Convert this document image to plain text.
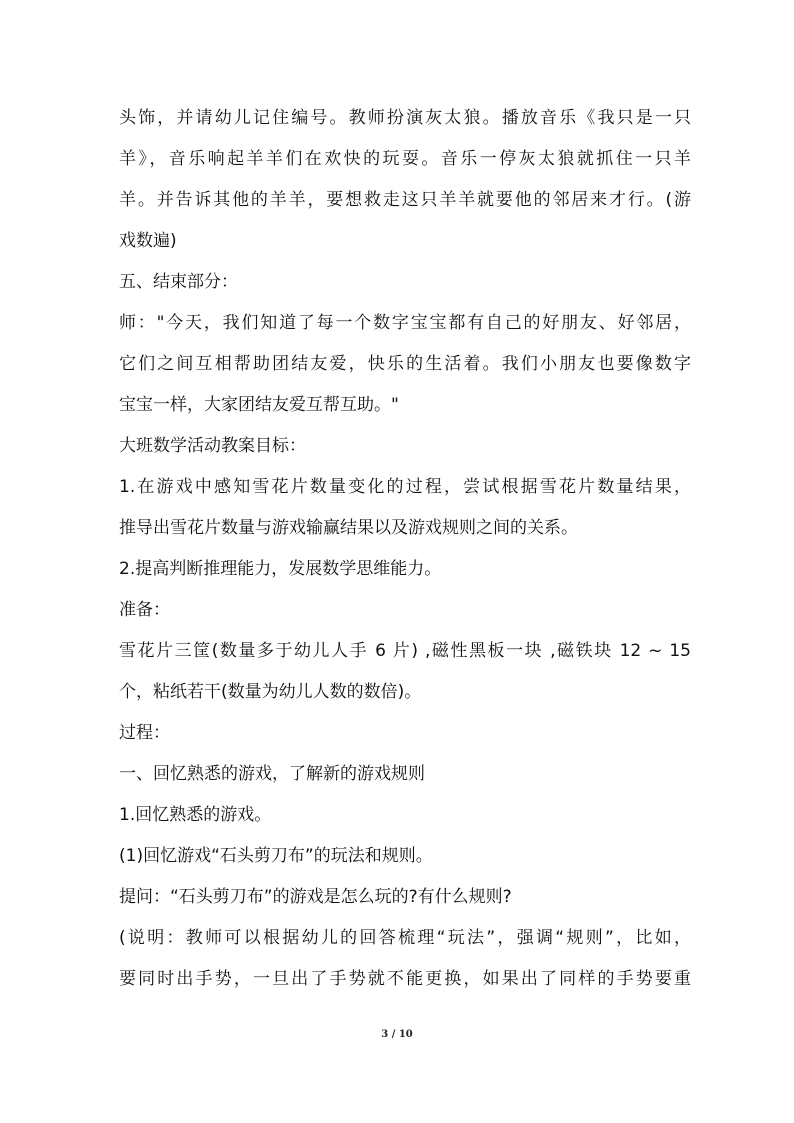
头饰，并请幼儿记住编号。教师扮演灰太狼。播放音乐《我只是一只
羊》，音乐响起羊羊们在欢快的玩耍。音乐一停灰太狼就抓住一只羊
羊。并告诉其他的羊羊，要想救走这只羊羊就要他的邻居来才行。(游
戏数遍)
五、结束部分：
师："今天，我们知道了每一个数字宝宝都有自己的好朋友、好邻居，
它们之间互相帮助团结友爱，快乐的生活着。我们小朋友也要像数字
宝宝一样，大家团结友爱互帮互助。"
大班数学活动教案目标：
1.在游戏中感知雪花片数量变化的过程，尝试根据雪花片数量结果，
推导出雪花片数量与游戏输赢结果以及游戏规则之间的关系。
2.提高判断推理能力，发展数学思维能力。
准备：
雪花片三筐(数量多于幼儿人手 6 片) ,磁性黑板一块 ,磁铁块 12 ~ 15
个，粘纸若干(数量为幼儿人数的数倍)。
过程：
一、回忆熟悉的游戏，了解新的游戏规则
1.回忆熟悉的游戏。
(1)回忆游戏“石头剪刀布”的玩法和规则。
提问：“石头剪刀布”的游戏是怎么玩的?有什么规则?
(说明：教师可以根据幼儿的回答梳理“玩法”，强调“规则”，比如，
要同时出手势，一旦出了手势就不能更换，如果出了同样的手势要重
3 / 10
